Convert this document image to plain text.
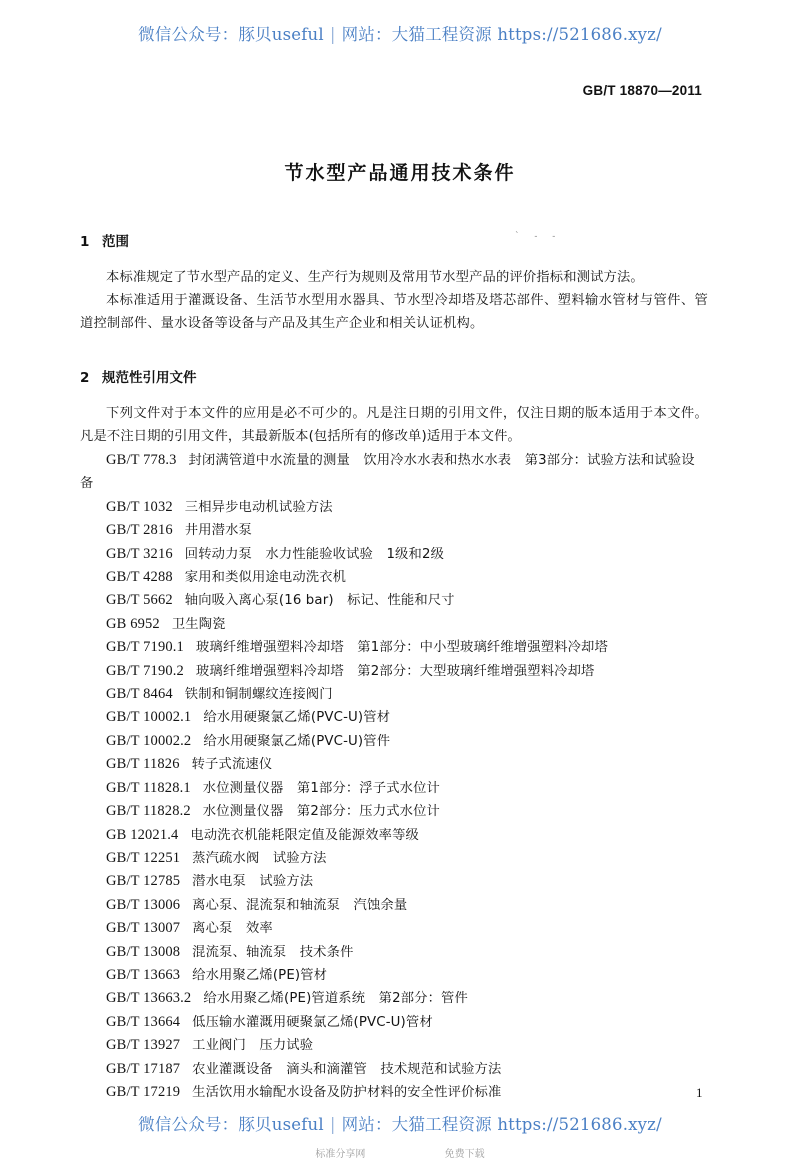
微信公众号：豚贝useful | 网站：大猫工程资源 https://521686.xyz/
GB/T 18870—2011
节水型产品通用技术条件
1 范围	` - -
本标准规定了节水型产品的定义、生产行为规则及常用节水型产品的评价指标和测试方法。
本标准适用于灌溉设备、生活节水型用水器具、节水型冷却塔及塔芯部件、塑料输水管材与管件、管道控制部件、量水设备等设备与产品及其生产企业和相关认证机构。
2 规范性引用文件
下列文件对于本文件的应用是必不可少的。凡是注日期的引用文件，仅注日期的版本适用于本文件。凡是不注日期的引用文件，其最新版本(包括所有的修改单)适用于本文件。
GB/T 778.3 封闭满管道中水流量的测量　饮用冷水水表和热水水表　第3部分：试验方法和试验设备
GB/T 1032 三相异步电动机试验方法
GB/T 2816 井用潜水泵
GB/T 3216 回转动力泵　水力性能验收试验　1级和2级
GB/T 4288 家用和类似用途电动洗衣机
GB/T 5662 轴向吸入离心泵(16 bar)　标记、性能和尺寸
GB 6952 卫生陶瓷
GB/T 7190.1 玻璃纤维增强塑料冷却塔　第1部分：中小型玻璃纤维增强塑料冷却塔
GB/T 7190.2 玻璃纤维增强塑料冷却塔　第2部分：大型玻璃纤维增强塑料冷却塔
GB/T 8464 铁制和铜制螺纹连接阀门
GB/T 10002.1 给水用硬聚氯乙烯(PVC-U)管材
GB/T 10002.2 给水用硬聚氯乙烯(PVC-U)管件
GB/T 11826 转子式流速仪
GB/T 11828.1 水位测量仪器　第1部分：浮子式水位计
GB/T 11828.2 水位测量仪器　第2部分：压力式水位计
GB 12021.4 电动洗衣机能耗限定值及能源效率等级
GB/T 12251 蒸汽疏水阀　试验方法
GB/T 12785 潜水电泵　试验方法
GB/T 13006 离心泵、混流泵和轴流泵　汽蚀余量
GB/T 13007 离心泵　效率
GB/T 13008 混流泵、轴流泵　技术条件
GB/T 13663 给水用聚乙烯(PE)管材
GB/T 13663.2 给水用聚乙烯(PE)管道系统　第2部分：管件
GB/T 13664 低压输水灌溉用硬聚氯乙烯(PVC-U)管材
GB/T 13927 工业阀门　压力试验
GB/T 17187 农业灌溉设备　滴头和滴灌管　技术规范和试验方法
GB/T 17219 生活饮用水输配水设备及防护材料的安全性评价标准	1
微信公众号：豚贝useful | 网站：大猫工程资源 https://521686.xyz/
标准分享网	免费下载
